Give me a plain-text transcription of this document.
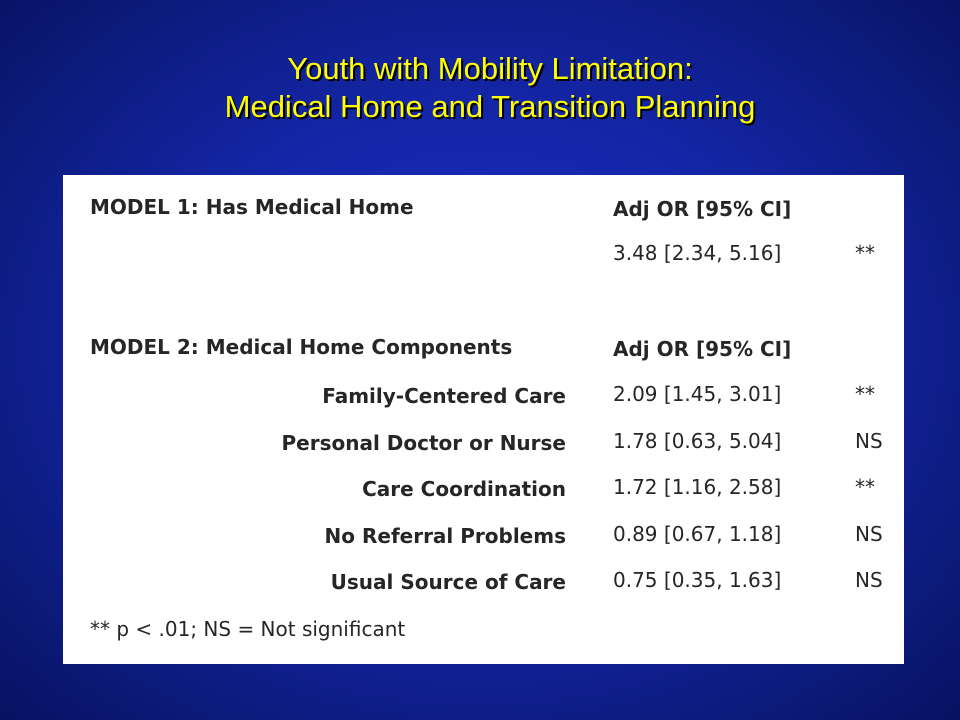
Youth with Mobility Limitation:
Medical Home and Transition Planning
MODEL 1: Has Medical Home	Adj OR [95% CI]
3.48 [2.34, 5.16]	**
MODEL 2: Medical Home Components	Adj OR [95% CI]
Family-Centered Care 2.09 [1.45, 3.01]	**
Personal Doctor or Nurse 1.78 [0.63, 5.04]	NS
Care Coordination 1.72 [1.16, 2.58]	**
No Referral Problems 0.89 [0.67, 1.18]	NS
Usual Source of Care 0.75 [0.35, 1.63]	NS
** p < .01; NS = Not significant
